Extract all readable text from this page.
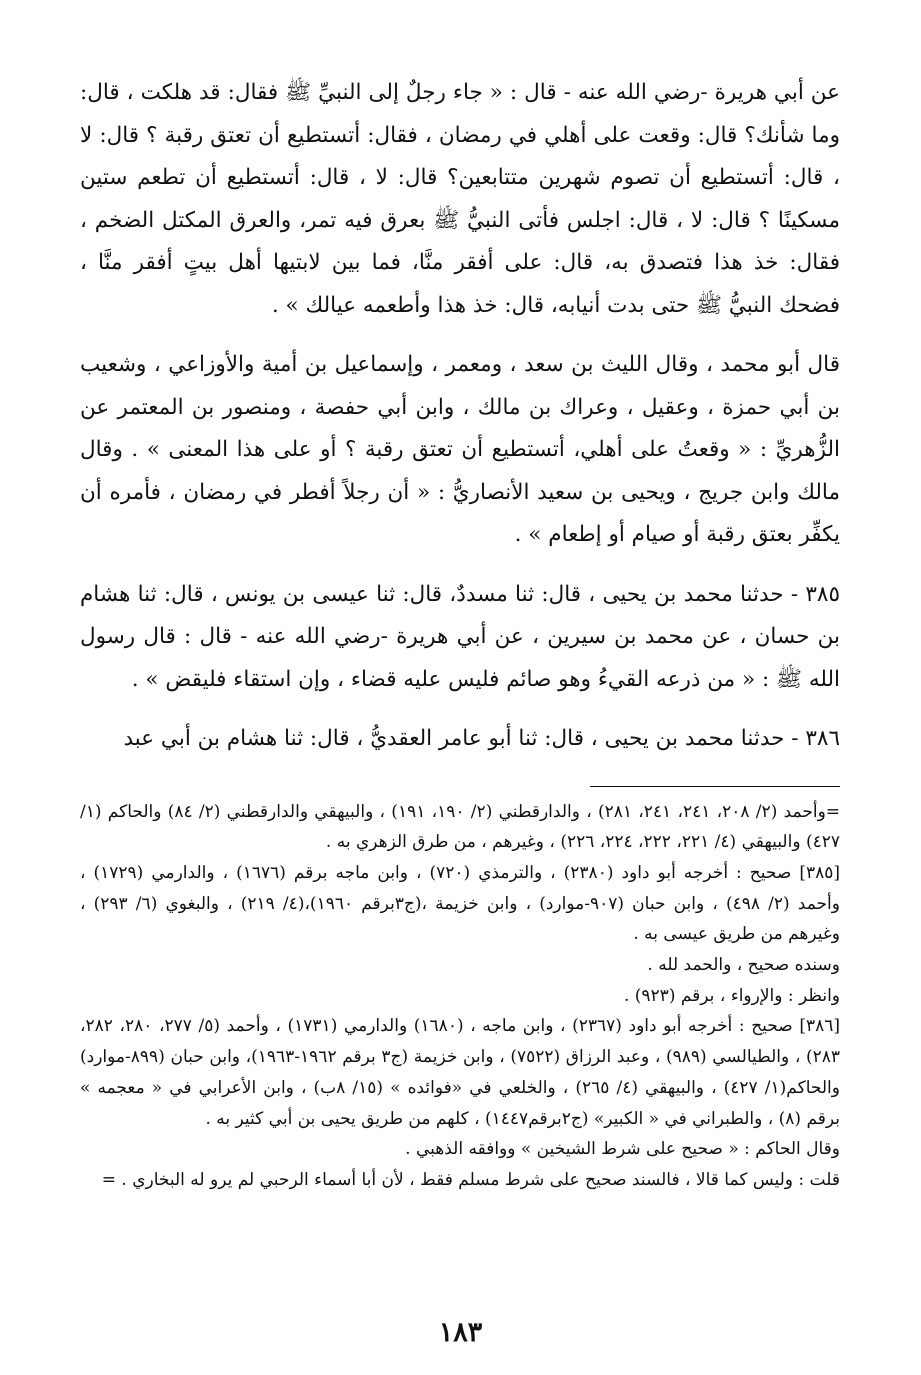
عن أبي هريرة -رضي الله عنه - قال : « جاء رجلٌ إلى النبيِّ ﷺ فقال: قد هلكت ، قال: وما شأنك؟ قال: وقعت على أهلي في رمضان ، فقال: أتستطيع أن تعتق رقبة ؟ قال: لا ، قال: أتستطيع أن تصوم شهرين متتابعين؟ قال: لا ، قال: أتستطيع أن تطعم ستين مسكينًا ؟ قال: لا ، قال: اجلس فأتى النبيُّ ﷺ بعرق فيه تمر، والعرق المكتل الضخم ، فقال: خذ هذا فتصدق به، قال: على أفقر منَّا، فما بين لابتيها أهل بيتٍ أفقر منَّا ، فضحك النبيُّ ﷺ حتى بدت أنيابه، قال: خذ هذا وأطعمه عيالك » .

قال أبو محمد ، وقال الليث بن سعد ، ومعمر ، وإسماعيل بن أمية والأوزاعي ، وشعيب بن أبي حمزة ، وعقيل ، وعراك بن مالك ، وابن أبي حفصة ، ومنصور بن المعتمر عن الزُّهريِّ : « وقعتُ على أهلي، أتستطيع أن تعتق رقبة ؟ أو على هذا المعنى » . وقال مالك وابن جريج ، ويحيى بن سعيد الأنصاريُّ : « أن رجلاً أفطر في رمضان ، فأمره أن يكفِّر بعتق رقبة أو صيام أو إطعام » .

٣٨٥ - حدثنا محمد بن يحيى ، قال: ثنا مسددٌ، قال: ثنا عيسى بن يونس ، قال: ثنا هشام بن حسان ، عن محمد بن سيرين ، عن أبي هريرة -رضي الله عنه - قال : قال رسول الله ﷺ : « من ذرعه القيءُ وهو صائم فليس عليه قضاء ، وإن استقاء فليقض » .

٣٨٦ - حدثنا محمد بن يحيى ، قال: ثنا أبو عامر العقديُّ ، قال: ثنا هشام بن أبي عبد

=وأحمد (٢/ ٢٠٨، ٢٤١، ٢٤١، ٢٨١) ، والدارقطني (٢/ ١٩٠، ١٩١) ، والبيهقي والدارقطني (٢/ ٨٤) والحاكم (١/ ٤٢٧) والبيهقي (٤/ ٢٢١، ٢٢٢، ٢٢٤، ٢٢٦) ، وغيرهم ، من طرق الزهري به .

[٣٨٥] صحيح : أخرجه أبو داود (٢٣٨٠) ، والترمذي (٧٢٠) ، وابن ماجه برقم (١٦٧٦) ، والدارمي (١٧٢٩) ، وأحمد (٢/ ٤٩٨) ، وابن حبان (٩٠٧-موارد) ، وابن خزيمة ،(ج٣برقم ١٩٦٠)،(٤/ ٢١٩) ، والبغوي (٦/ ٢٩٣) ، وغيرهم من طريق عيسى به .

وسنده صحيح ، والحمد لله .

وانظر : والإرواء ، برقم (٩٢٣) .

[٣٨٦] صحيح : أخرجه أبو داود (٢٣٦٧) ، وابن ماجه ، (١٦٨٠) والدارمي (١٧٣١) ، وأحمد (٥/ ٢٧٧، ٢٨٠، ٢٨٢، ٢٨٣) ، والطيالسي (٩٨٩) ، وعبد الرزاق (٧٥٢٢) ، وابن خزيمة (ج٣ برقم ١٩٦٢-١٩٦٣)، وابن حبان (٨٩٩-موارد) والحاكم(١/ ٤٢٧) ، والبيهقي (٤/ ٢٦٥) ، والخلعي في «فوائده » (١٥/ ٨ب) ، وابن الأعرابي في « معجمه » برقم (٨) ، والطبراني في « الكبير» (ج٢برقم١٤٤٧) ، كلهم من طريق يحيى بن أبي كثير به .

وقال الحاكم : « صحيح على شرط الشيخين » ووافقه الذهبي .

قلت : وليس كما قالا ، فالسند صحيح على شرط مسلم فقط ، لأن أبا أسماء الرحبي لم يرو له البخاري . =

١٨٣
